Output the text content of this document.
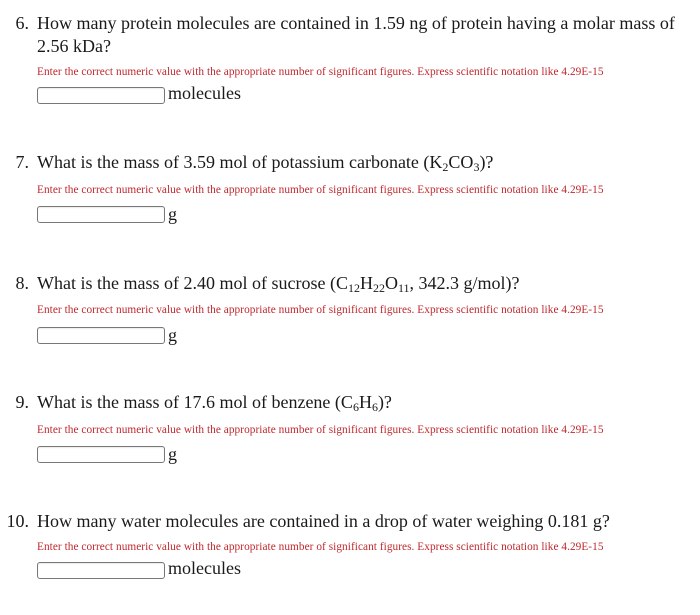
6. How many protein molecules are contained in 1.59 ng of protein having a molar mass of
2.56 kDa?
Enter the correct numeric value with the appropriate number of significant figures. Express scientific notation like 4.29E-15
molecules
7. What is the mass of 3.59 mol of potassium carbonate $(K_2CO_3)$?
Enter the correct numeric value with the appropriate number of significant figures. Express scientific notation like 4.29E-15
g
8. What is the mass of 2.40 mol of sucrose ($C_{12}H_{22}O_{11}$, 342.3 g/mol)?
Enter the correct numeric value with the appropriate number of significant figures. Express scientific notation like 4.29E-15
g
9. What is the mass of 17.6 mol of benzene $(C_6H_6)$?
Enter the correct numeric value with the appropriate number of significant figures. Express scientific notation like 4.29E-15
g
10. How many water molecules are contained in a drop of water weighing 0.181 g?
Enter the correct numeric value with the appropriate number of significant figures. Express scientific notation like 4.29E-15
molecules
